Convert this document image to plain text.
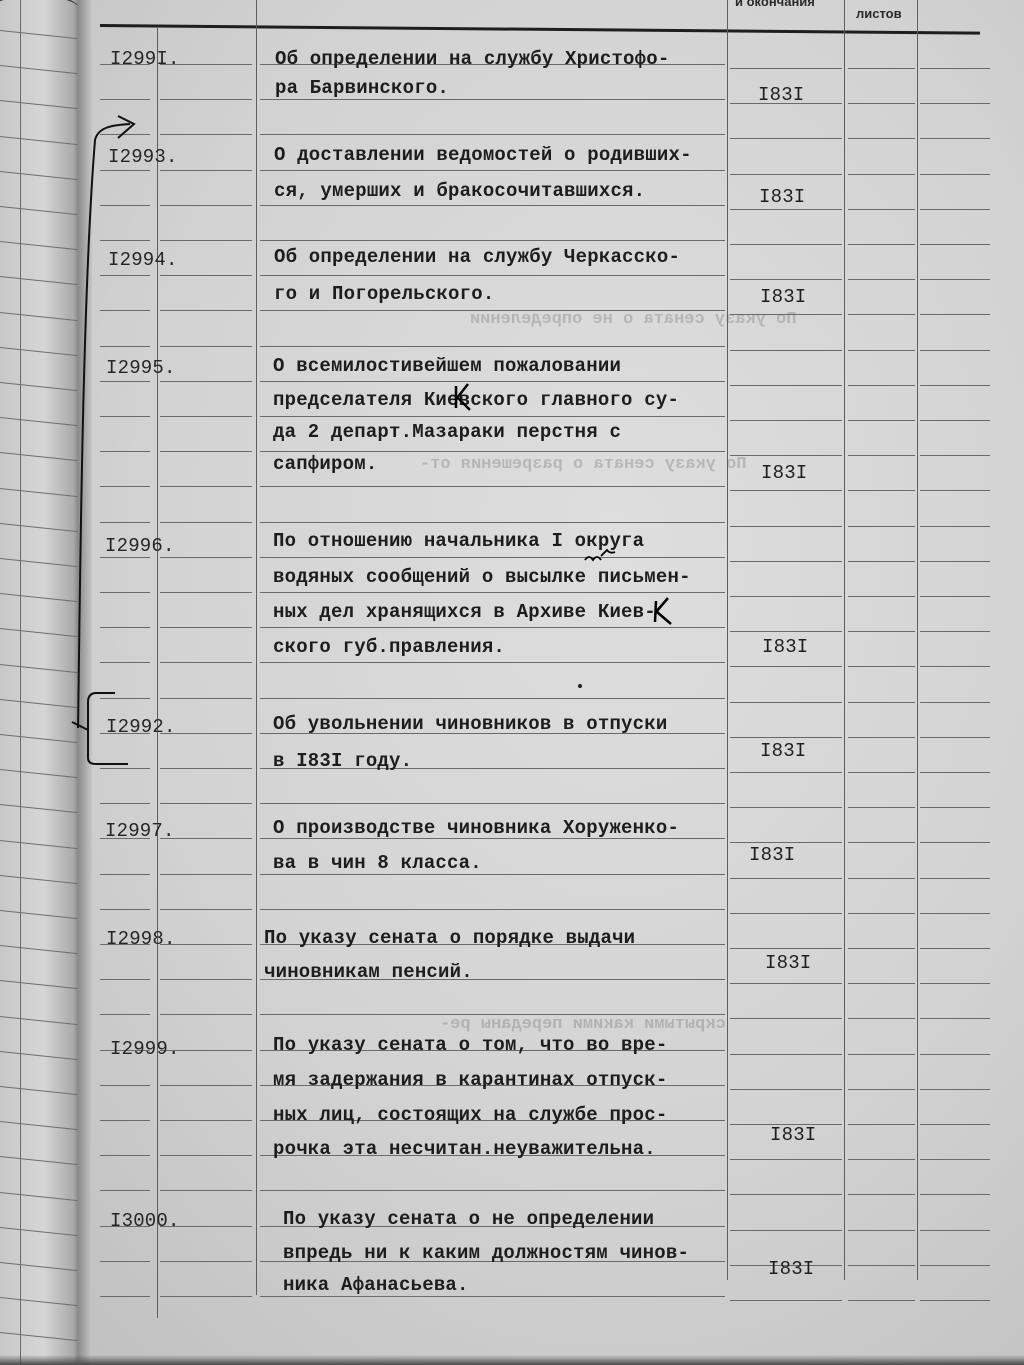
и окончания
листов
По указу сената о не определении
По указу сената о разрешения от-
скрытыми какими переданы ре-
I299I.	Об определении на службу Христофо-
ра Барвинского.	I83I
I2993.	О доставлении ведомостей о родивших-
ся, умерших и бракосочитавшихся.	I83I
I2994.	Об определении на службу Черкасско-
го и Погорельского.	I83I
I2995.	О всемилостивейшем пожаловании
предселателя Киевского главного су-
да 2 департ.Мазараки перстня с
сапфиром.	I83I
I2996.	По отношению начальника I округа
водяных сообщений о высылке письмен-
ных дел хранящихся в Архиве Киев-
ского губ.правления.	I83I
I2992.	Об увольнении чиновников в отпуски
в I83I году.	I83I
I2997.	О производстве чиновника Хорyженко-
ва в чин 8 класса.	I83I
I2998.	По указу сената о порядке выдачи
чиновникам пенсий.	I83I
I2999.	По указу сената о том, что во вре-
мя задержания в карантинах отпуск-
ных лиц, состоящих на службе прос-
рочка эта несчитан.неуважительна.
I83I
I3000.	По указу сената о не определении
впредь ни к каким должностям чинов-
ника Афанасьева.
I83I
